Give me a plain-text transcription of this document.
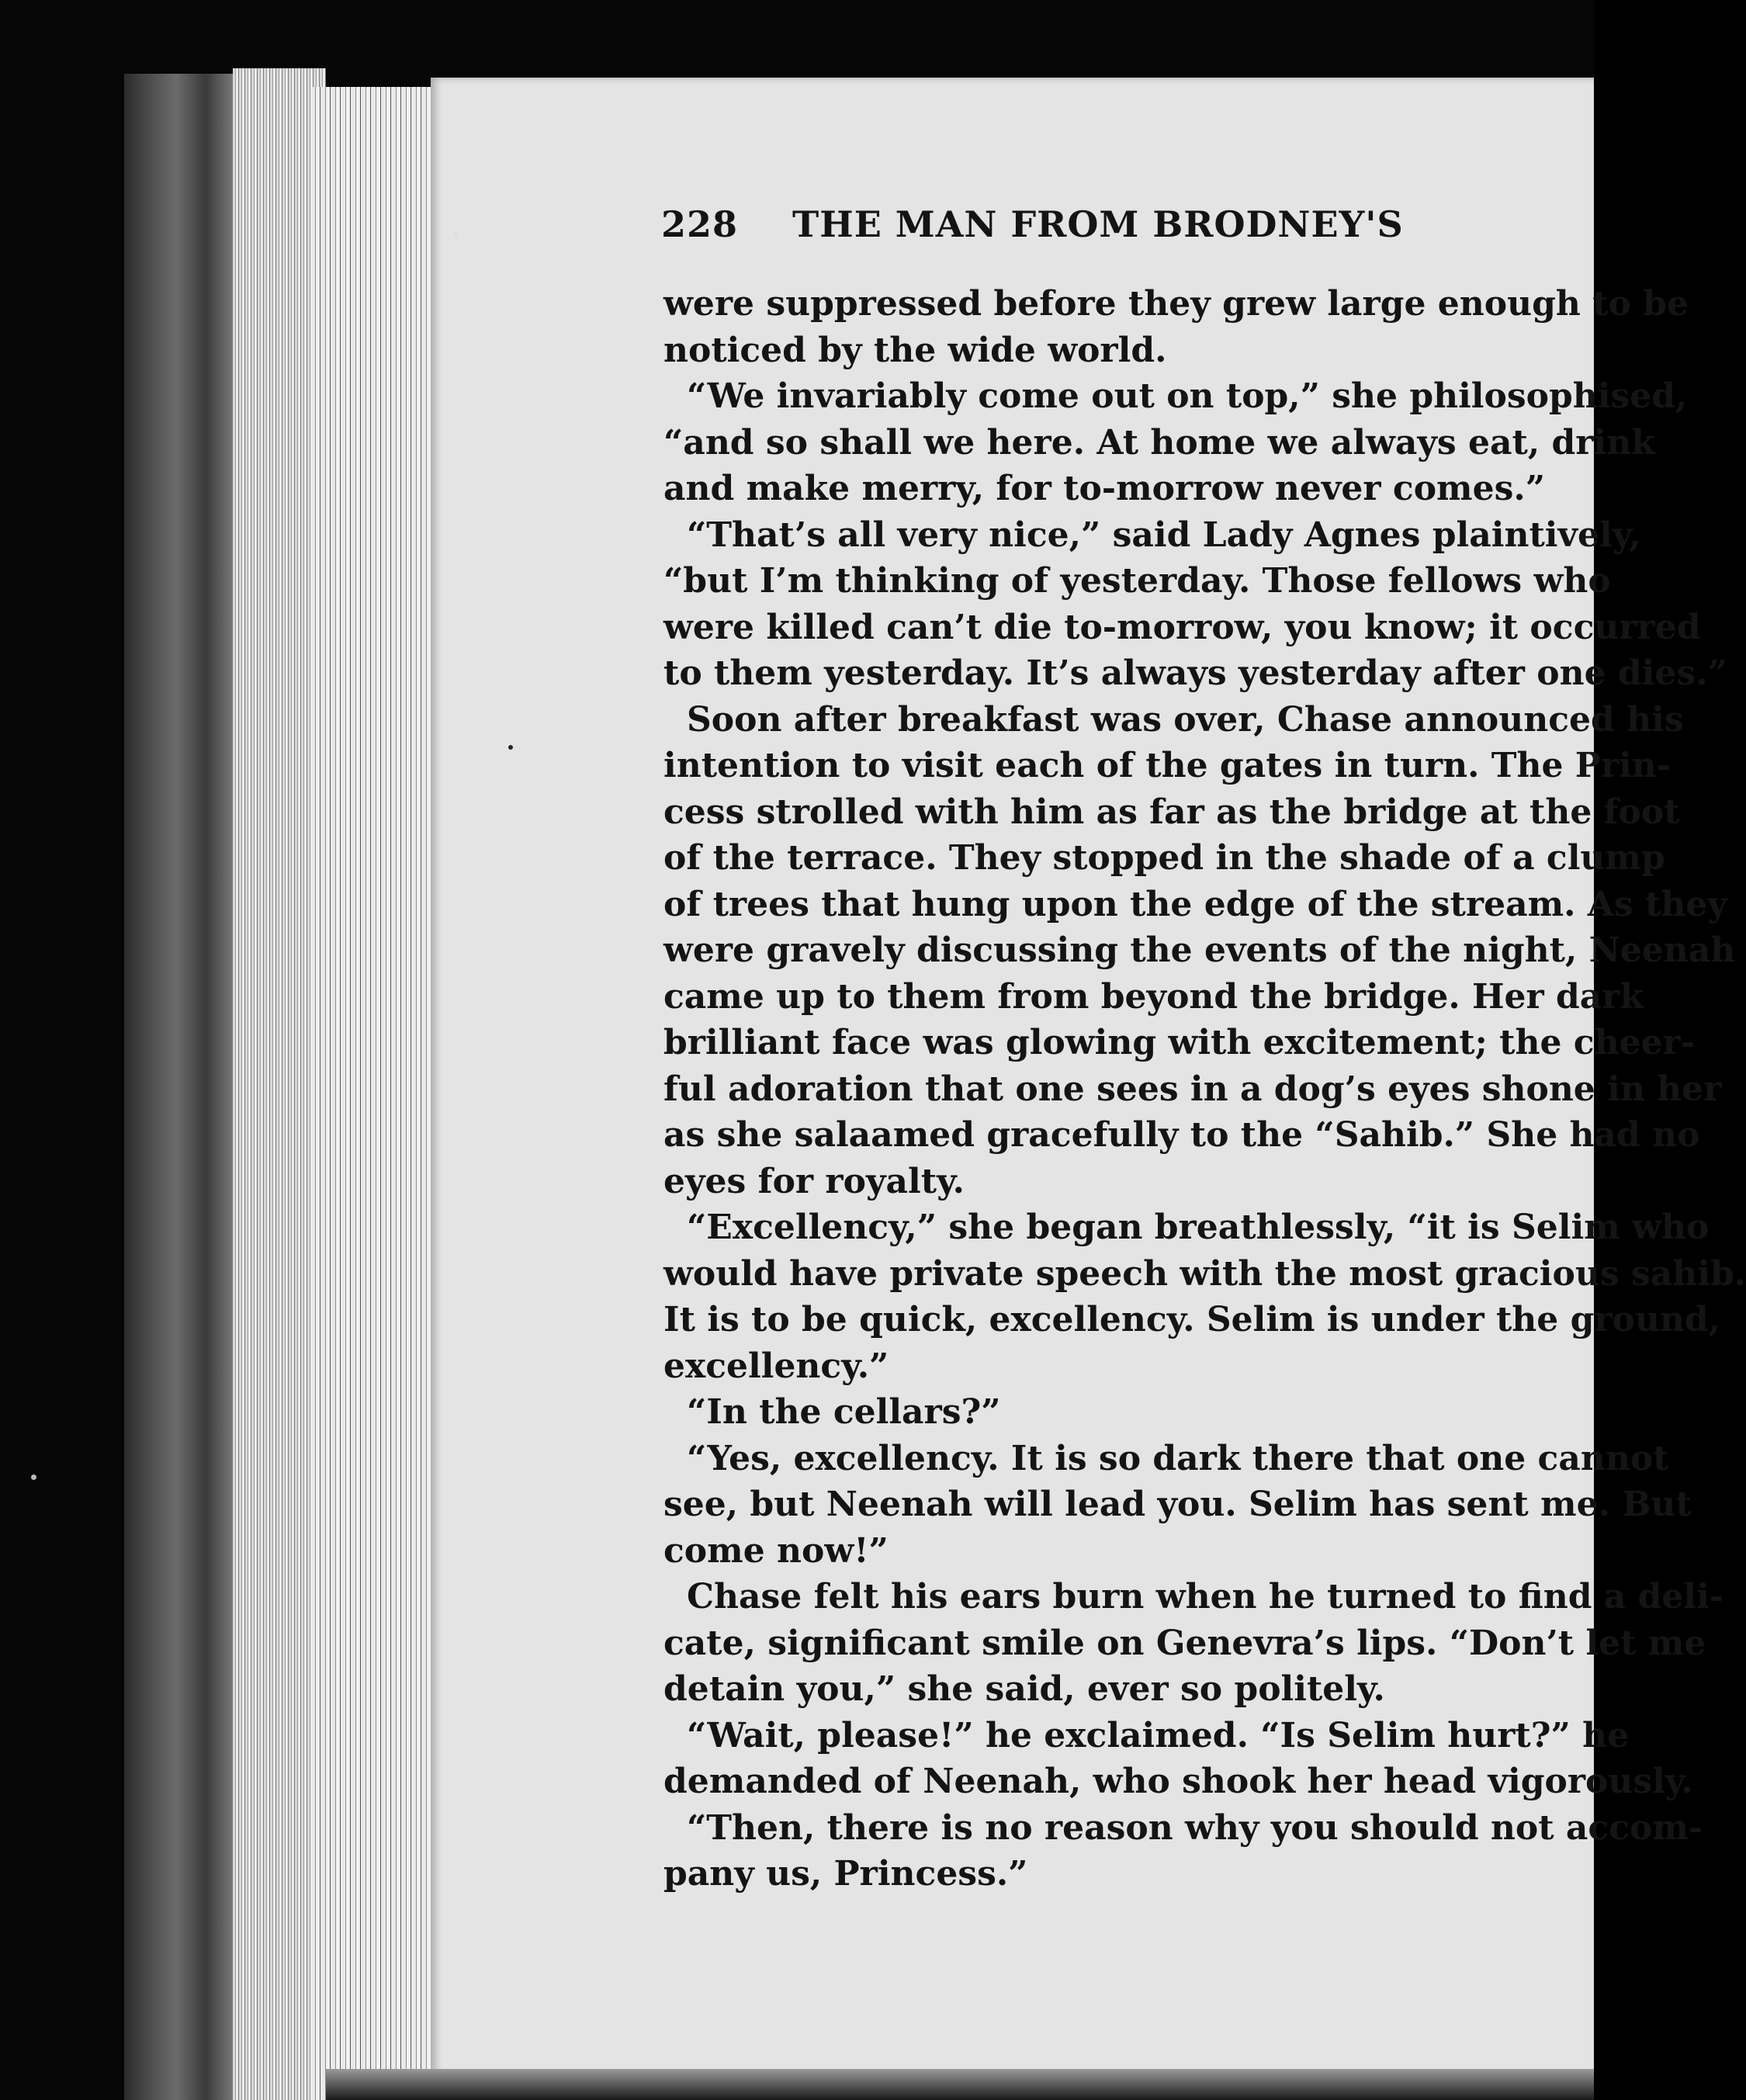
228 THE MAN FROM BRODNEY'S
were suppressed before they grew large enough to be
noticed by the wide world.
“We invariably come out on top,” she philosophised,
“and so shall we here. At home we always eat, drink
and make merry, for to-morrow never comes.”
“That’s all very nice,” said Lady Agnes plaintively,
“but I’m thinking of yesterday. Those fellows who
were killed can’t die to-morrow, you know; it occurred
to them yesterday. It’s always yesterday after one dies.”
Soon after breakfast was over, Chase announced his
intention to visit each of the gates in turn. The Prin-
cess strolled with him as far as the bridge at the foot
of the terrace. They stopped in the shade of a clump
of trees that hung upon the edge of the stream. As they
were gravely discussing the events of the night, Neenah
came up to them from beyond the bridge. Her dark
brilliant face was glowing with excitement; the cheer-
ful adoration that one sees in a dog’s eyes shone in her
as she salaamed gracefully to the “Sahib.” She had no
eyes for royalty.
“Excellency,” she began breathlessly, “it is Selim who
would have private speech with the most gracious sahib.
It is to be quick, excellency. Selim is under the ground,
excellency.”
“In the cellars?”
“Yes, excellency. It is so dark there that one cannot
see, but Neenah will lead you. Selim has sent me. But
come now!”
Chase felt his ears burn when he turned to find a deli-
cate, significant smile on Genevra’s lips. “Don’t let me
detain you,” she said, ever so politely.
“Wait, please!” he exclaimed. “Is Selim hurt?” he
demanded of Neenah, who shook her head vigorously.
“Then, there is no reason why you should not accom-
pany us, Princess.”
